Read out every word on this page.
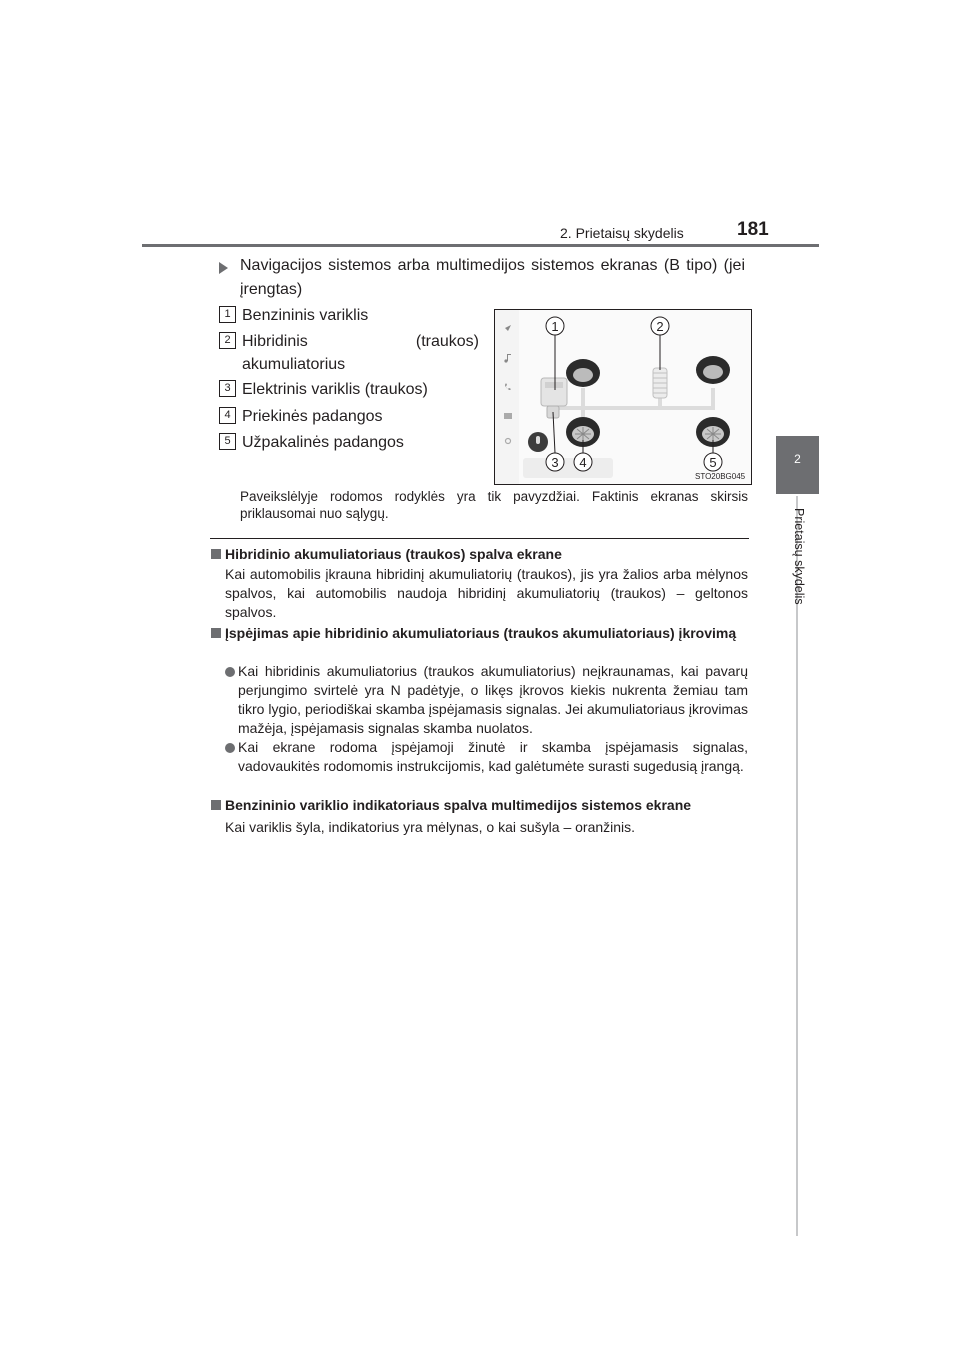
2. Prietaisų skydelis	181
2
Prietaisų skydelis
Navigacijos sistemos arba multimedijos sistemos ekranas (B tipo) (jei įrengtas)
1 Benzininis variklis
2 Hibridinis	(traukos)
akumuliatorius
3 Elektrinis variklis (traukos)
4 Priekinės padangos
5 Užpakalinės padangos
1	2
3 4	5
STO20BG045
Paveikslėlyje rodomos rodyklės yra tik pavyzdžiai. Faktinis ekranas skirsis priklausomai nuo sąlygų.
Hibridinio akumuliatoriaus (traukos) spalva ekrane
Kai automobilis įkrauna hibridinį akumuliatorių (traukos), jis yra žalios arba mėlynos spalvos, kai automobilis naudoja hibridinį akumuliatorių (traukos) – geltonos spalvos.
Įspėjimas apie hibridinio akumuliatoriaus (traukos akumuliatoriaus) įkrovimą
Kai hibridinis akumuliatorius (traukos akumuliatorius) neįkraunamas, kai pavarų perjungimo svirtelė yra N padėtyje, o likęs įkrovos kiekis nukrenta žemiau tam tikro lygio, periodiškai skamba įspėjamasis signalas. Jei akumuliatoriaus įkrovimas mažėja, įspėjamasis signalas skamba nuolatos.
Kai ekrane rodoma įspėjamoji žinutė ir skamba įspėjamasis signalas, vadovaukitės rodomomis instrukcijomis, kad galėtumėte surasti sugedusią įrangą.
Benzininio variklio indikatoriaus spalva multimedijos sistemos ekrane
Kai variklis šyla, indikatorius yra mėlynas, o kai sušyla – oranžinis.
